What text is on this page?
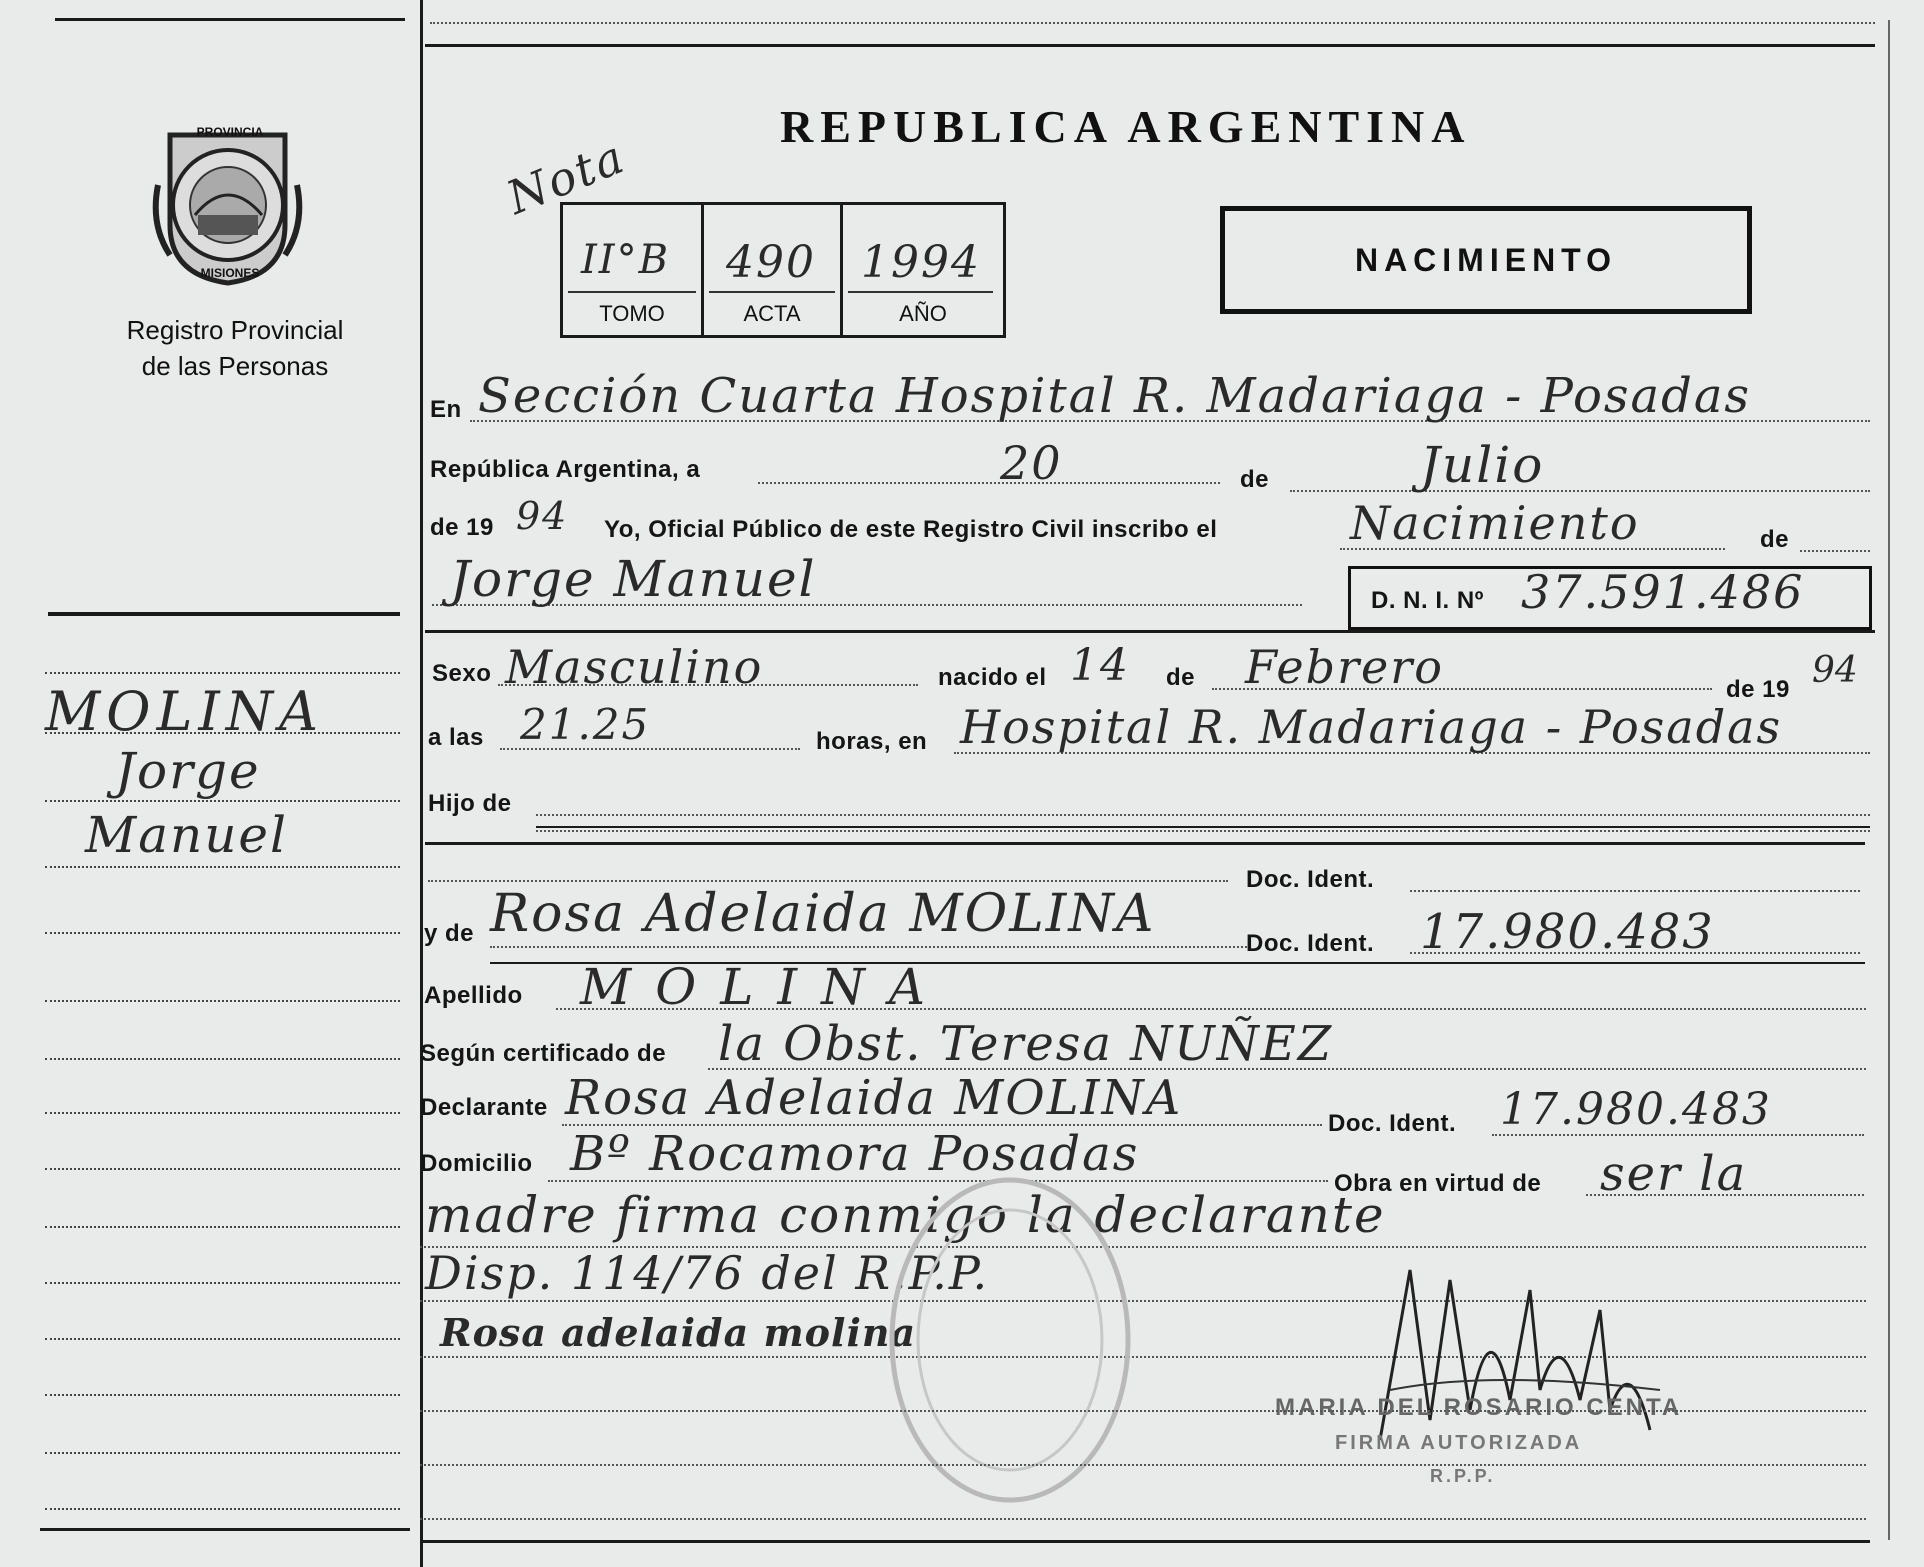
PROVINCIA
MISIONES
Registro Provincial
de las Personas
MOLINA
Jorge
Manuel
REPUBLICA ARGENTINA
Nota
II°B
TOMO
490
ACTA
1994
AÑO
NACIMIENTO
En Sección Cuarta Hospital R. Madariaga - Posadas
República Argentina, a	20	de	Julio
de 19 94 Yo, Oficial Público de este Registro Civil inscribo el	Nacimiento	de
Jorge Manuel	D. N. I. Nº 37.591.486
Sexo Masculino	nacido el 14 de Febrero	de 19 94
a las 21.25	horas, en Hospital R. Madariaga - Posadas
Hijo de
Doc. Ident.
y de Rosa Adelaida MOLINA	Doc. Ident. 17.980.483
Apellido MOLINA
Según certificado de la Obst. Teresa NUÑEZ
Declarante Rosa Adelaida MOLINA	Doc. Ident. 17.980.483
Domicilio Bº Rocamora Posadas
Obra en virtud de ser la
madre firma conmigo la declarante
Disp. 114/76 del R.P.P.
Rosa adelaida molina
MARIA DEL ROSARIO CENTA
FIRMA AUTORIZADA
R.P.P.
